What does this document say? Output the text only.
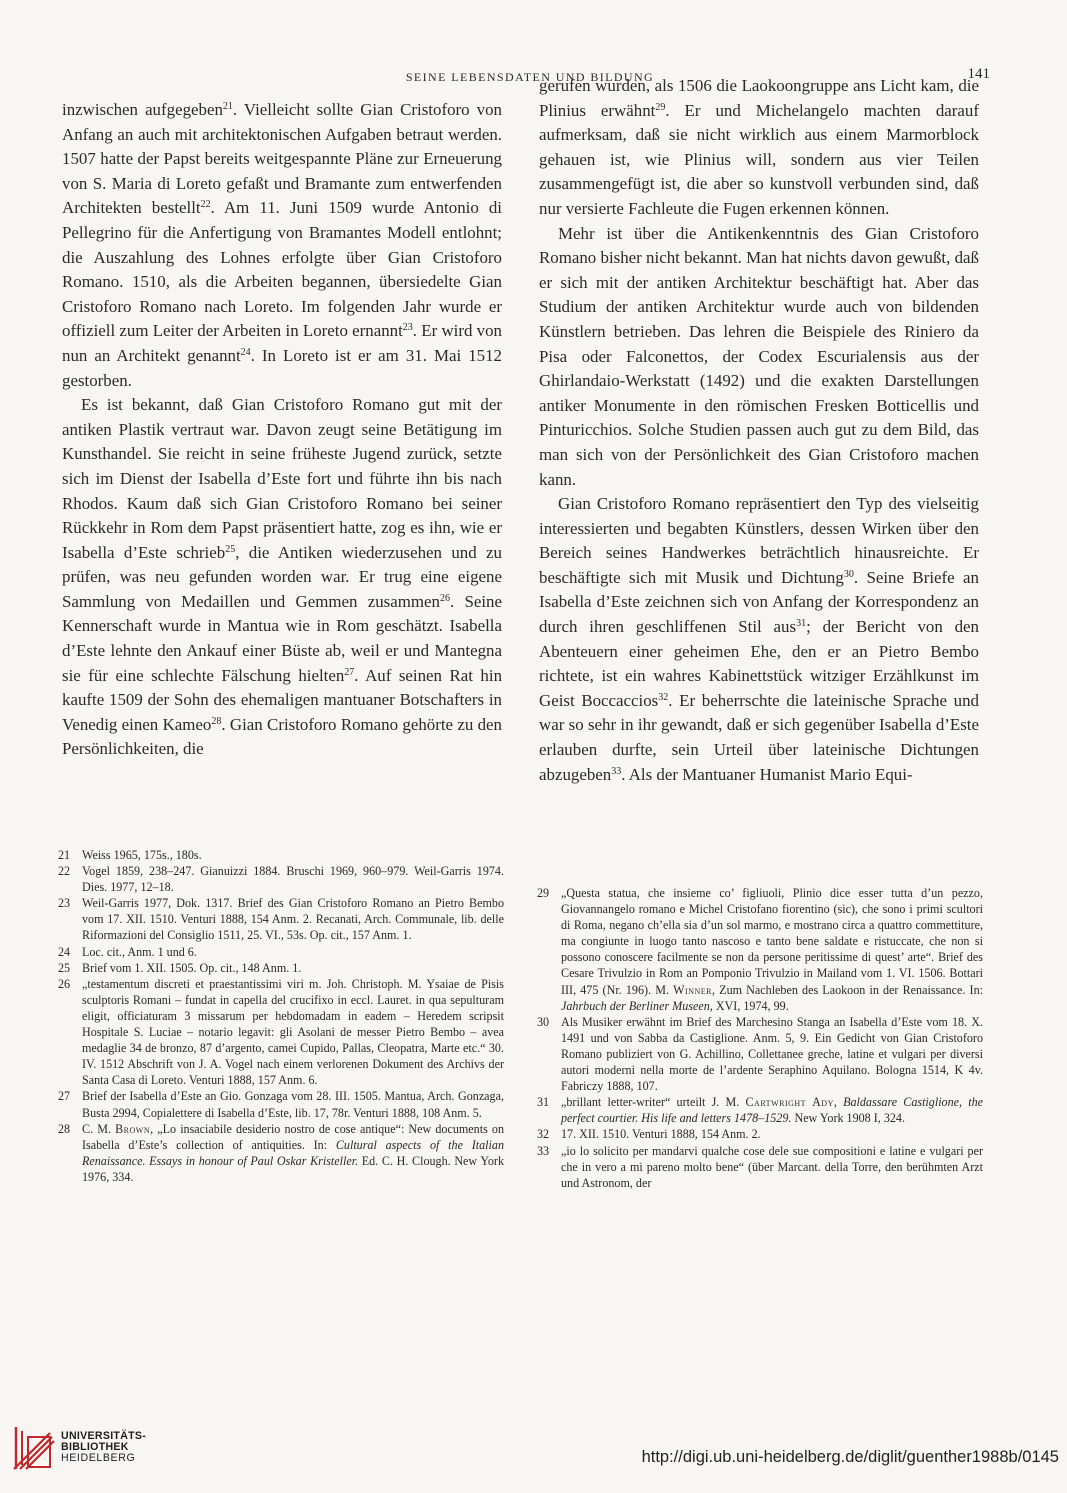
SEINE LEBENSDATEN UND BILDUNG	141

inzwischen aufgegeben$^{21}$. Vielleicht sollte Gian Cristoforo von Anfang an auch mit architektonischen Aufgaben betraut werden. 1507 hatte der Papst bereits weitgespannte Pläne zur Erneuerung von S. Maria di Loreto gefaßt und Bramante zum entwerfenden Architekten bestellt$^{22}$. Am 11. Juni 1509 wurde Antonio di Pellegrino für die Anfertigung von Bramantes Modell entlohnt; die Auszahlung des Lohnes erfolgte über Gian Cristoforo Romano. 1510, als die Arbeiten begannen, übersiedelte Gian Cristoforo Romano nach Loreto. Im folgenden Jahr wurde er offiziell zum Leiter der Arbeiten in Loreto ernannt$^{23}$. Er wird von nun an Architekt genannt$^{24}$. In Loreto ist er am 31. Mai 1512 gestorben.

Es ist bekannt, daß Gian Cristoforo Romano gut mit der antiken Plastik vertraut war. Davon zeugt seine Betätigung im Kunsthandel. Sie reicht in seine früheste Jugend zurück, setzte sich im Dienst der Isabella d’Este fort und führte ihn bis nach Rhodos. Kaum daß sich Gian Cristoforo Romano bei seiner Rückkehr in Rom dem Papst präsentiert hatte, zog es ihn, wie er Isabella d’Este schrieb$^{25}$, die Antiken wiederzusehen und zu prüfen, was neu gefunden worden war. Er trug eine eigene Sammlung von Medaillen und Gemmen zusammen$^{26}$. Seine Kennerschaft wurde in Mantua wie in Rom geschätzt. Isabella d’Este lehnte den Ankauf einer Büste ab, weil er und Mantegna sie für eine schlechte Fälschung hielten$^{27}$. Auf seinen Rat hin kaufte 1509 der Sohn des ehemaligen mantuaner Botschafters in Venedig einen Kameo$^{28}$. Gian Cristoforo Romano gehörte zu den Persönlichkeiten, die

gerufen wurden, als 1506 die Laokoongruppe ans Licht kam, die Plinius erwähnt$^{29}$. Er und Michelangelo machten darauf aufmerksam, daß sie nicht wirklich aus einem Marmorblock gehauen ist, wie Plinius will, sondern aus vier Teilen zusammengefügt ist, die aber so kunstvoll verbunden sind, daß nur versierte Fachleute die Fugen erkennen können.

Mehr ist über die Antikenkenntnis des Gian Cristoforo Romano bisher nicht bekannt. Man hat nichts davon gewußt, daß er sich mit der antiken Architektur beschäftigt hat. Aber das Studium der antiken Architektur wurde auch von bildenden Künstlern betrieben. Das lehren die Beispiele des Riniero da Pisa oder Falconettos, der Codex Escurialensis aus der Ghirlandaio-Werkstatt (1492) und die exakten Darstellungen antiker Monumente in den römischen Fresken Botticellis und Pinturicchios. Solche Studien passen auch gut zu dem Bild, das man sich von der Persönlichkeit des Gian Cristoforo machen kann.

Gian Cristoforo Romano repräsentiert den Typ des vielseitig interessierten und begabten Künstlers, dessen Wirken über den Bereich seines Handwerkes beträchtlich hinausreichte. Er beschäftigte sich mit Musik und Dichtung$^{30}$. Seine Briefe an Isabella d’Este zeichnen sich von Anfang der Korrespondenz an durch ihren geschliffenen Stil aus$^{31}$; der Bericht von den Abenteuern einer geheimen Ehe, den er an Pietro Bembo richtete, ist ein wahres Kabinettstück witziger Erzählkunst im Geist Boccaccios$^{32}$. Er beherrschte die lateinische Sprache und war so sehr in ihr gewandt, daß er sich gegenüber Isabella d’Este erlauben durfte, sein Urteil über lateinische Dichtungen abzugeben$^{33}$. Als der Mantuaner Humanist Mario Equi-

21 Weiss 1965, 175s., 180s.
22 Vogel 1859, 238–247. Gianuizzi 1884. Bruschi 1969, 960–979. Weil-Garris 1974. Dies. 1977, 12–18.
23 Weil-Garris 1977, Dok. 1317. Brief des Gian Cristoforo Romano an Pietro Bembo vom 17. XII. 1510. Venturi 1888, 154 Anm. 2. Recanati, Arch. Communale, lib. delle Riformazioni del Consiglio 1511, 25. VI., 53s. Op. cit., 157 Anm. 1.
24 Loc. cit., Anm. 1 und 6.
25 Brief vom 1. XII. 1505. Op. cit., 148 Anm. 1.
26 „testamentum discreti et praestantissimi viri m. Joh. Christoph. M. Ysaiae de Pisis sculptoris Romani – fundat in capella del crucifixo in eccl. Lauret. in qua sepulturam eligit, officiaturam 3 missarum per hebdomadam in eadem – Heredem scripsit Hospitale S. Luciae – notario legavit: gli Asolani de messer Pietro Bembo – avea medaglie 34 de bronzo, 87 d’argento, camei Cupido, Pallas, Cleopatra, Marte etc.“ 30. IV. 1512 Abschrift von J. A. Vogel nach einem verlorenen Dokument des Archivs der Santa Casa di Loreto. Venturi 1888, 157 Anm. 6.
27 Brief der Isabella d’Este an Gio. Gonzaga vom 28. III. 1505. Mantua, Arch. Gonzaga, Busta 2994, Copialettere di Isabella d’Este, lib. 17, 78r. Venturi 1888, 108 Anm. 5.
28 C. M. Brown, „Lo insaciabile desiderio nostro de cose antique“: New documents on Isabella d’Este’s collection of antiquities. In: Cultural aspects of the Italian Renaissance. Essays in honour of Paul Oskar Kristeller. Ed. C. H. Clough. New York 1976, 334.
29 „Questa statua, che insieme co’ figliuoli, Plinio dice esser tutta d’un pezzo, Giovannangelo romano e Michel Cristofano fiorentino (sic), che sono i primi scultori di Roma, negano ch’ella sia d’un sol marmo, e mostrano circa a quattro commettiture, ma congiunte in luogo tanto nascoso e tanto bene saldate e ristuccate, che non si possono conoscere facilmente se non da persone peritissime di quest’ arte“. Brief des Cesare Trivulzio in Rom an Pomponio Trivulzio in Mailand vom 1. VI. 1506. Bottari III, 475 (Nr. 196). M. Winner, Zum Nachleben des Laokoon in der Renaissance. In: Jahrbuch der Berliner Museen, XVI, 1974, 99.
30 Als Musiker erwähnt im Brief des Marchesino Stanga an Isabella d’Este vom 18. X. 1491 und von Sabba da Castiglione. Anm. 5, 9. Ein Gedicht von Gian Cristoforo Romano publiziert von G. Achillino, Collettanee greche, latine et vulgari per diversi autori moderni nella morte de l’ardente Seraphino Aquilano. Bologna 1514, K 4v. Fabriczy 1888, 107.
31 „brillant letter-writer“ urteilt J. M. Cartwright Ady, Baldassare Castiglione, the perfect courtier. His life and letters 1478–1529. New York 1908 I, 324.
32 17. XII. 1510. Venturi 1888, 154 Anm. 2.
33 „io lo solicito per mandarvi qualche cose dele sue compositioni e latine e vulgari per che in vero a mi pareno molto bene“ (über Marcant. della Torre, den berühmten Arzt und Astronom, der
UNIVERSITÄTS-
BIBLIOTHEK
HEIDELBERG	http://digi.ub.uni-heidelberg.de/diglit/guenther1988b/0145
